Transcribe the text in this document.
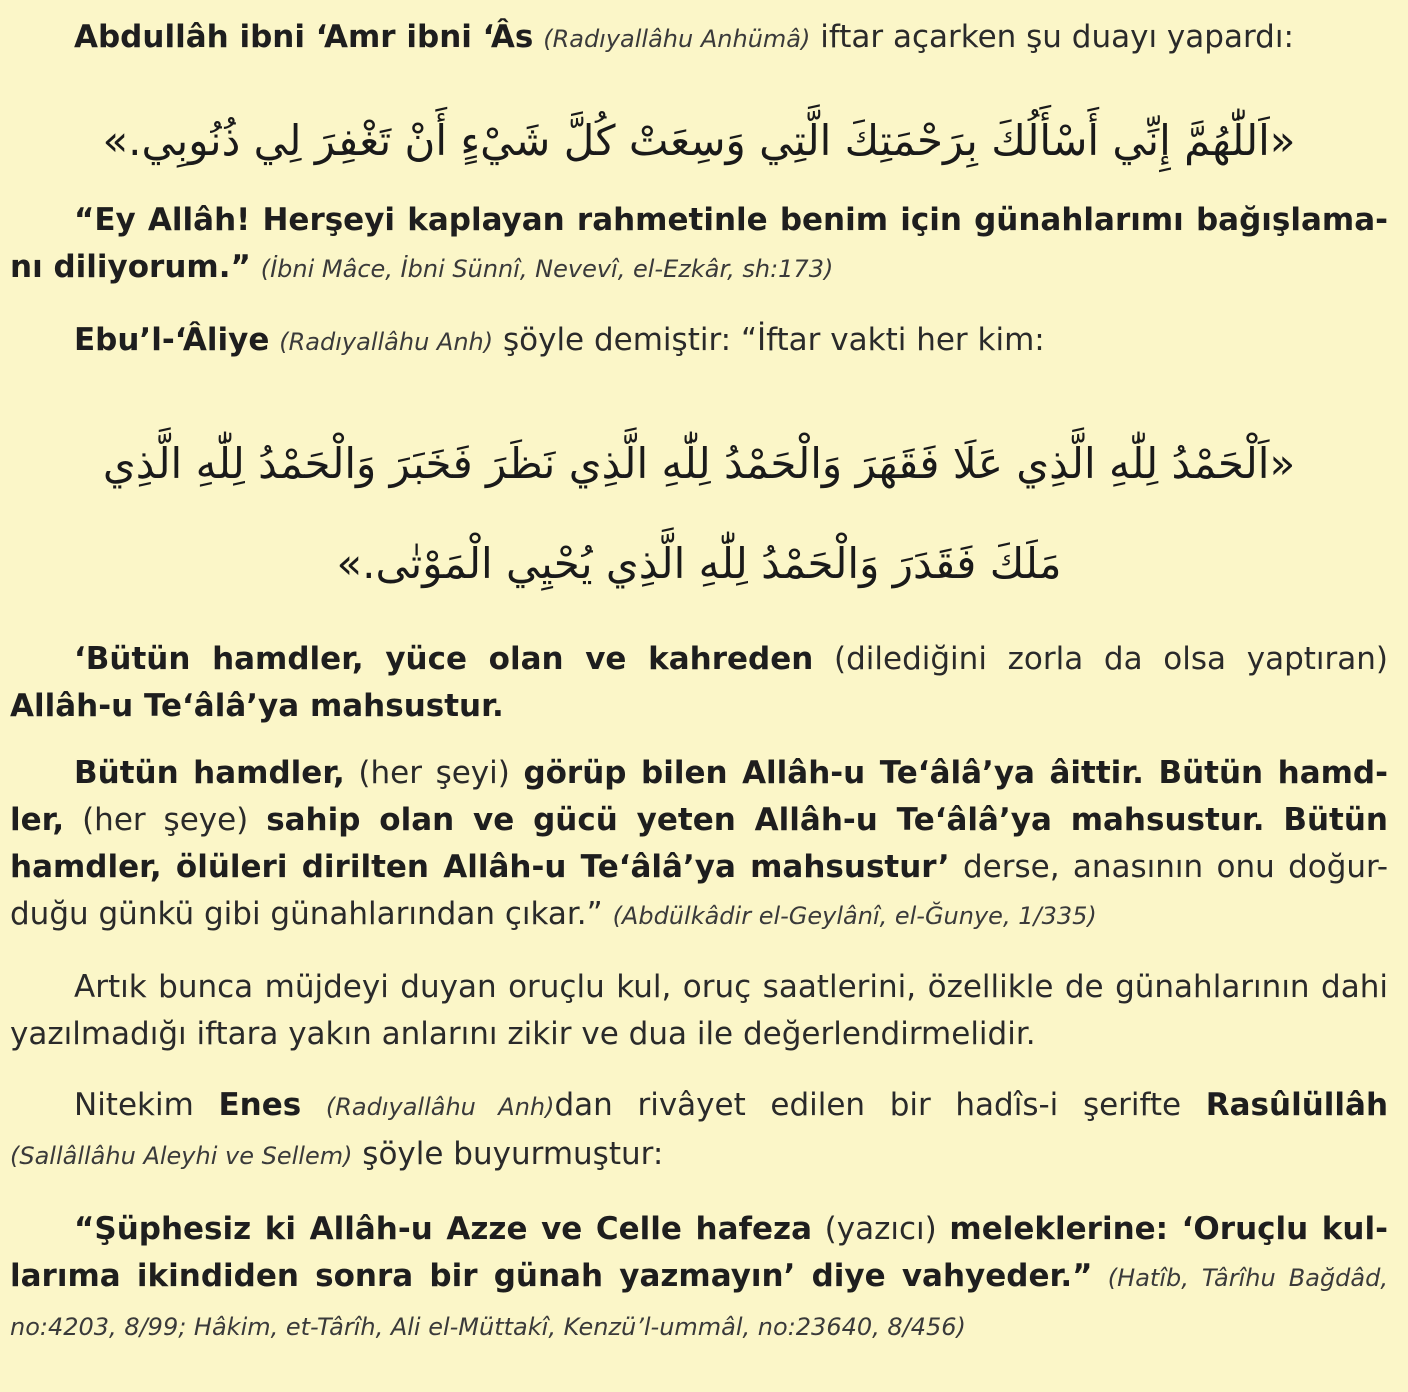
Abdullâh ibni ‘Amr ibni ‘Âs (Radıyallâhu Anhümâ) iftar açarken şu duayı yapardı:

«اَللّٰهُمَّ إِنِّي أَسْأَلُكَ بِرَحْمَتِكَ الَّتِي وَسِعَتْ كُلَّ شَيْءٍ أَنْ تَغْفِرَ لِي ذُنُوبِي.»

“Ey Allâh! Herşeyi kaplayan rahmetinle benim için günahlarımı bağışlama-nı diliyorum.” (İbni Mâce, İbni Sünnî, Nevevî, el-Ezkâr, sh:173)

Ebu’l-‘Âliye (Radıyallâhu Anh) şöyle demiştir: “İftar vakti her kim:

«اَلْحَمْدُ لِلّٰهِ الَّذِي عَلَا فَقَهَرَ وَالْحَمْدُ لِلّٰهِ الَّذِي نَظَرَ فَخَبَرَ وَالْحَمْدُ لِلّٰهِ الَّذِي

مَلَكَ فَقَدَرَ وَالْحَمْدُ لِلّٰهِ الَّذِي يُحْيِي الْمَوْتٰى.»

‘Bütün hamdler, yüce olan ve kahreden (dilediğini zorla da olsa yaptıran) Allâh-u Te‘âlâ’ya mahsustur.

Bütün hamdler, (her şeyi) görüp bilen Allâh-u Te‘âlâ’ya âittir. Bütün hamd-ler, (her şeye) sahip olan ve gücü yeten Allâh-u Te‘âlâ’ya mahsustur. Bütün hamdler, ölüleri dirilten Allâh-u Te‘âlâ’ya mahsustur’ derse, anasının onu doğur-duğu günkü gibi günahlarından çıkar.” (Abdülkâdir el-Geylânî, el-Ğunye, 1/335)

Artık bunca müjdeyi duyan oruçlu kul, oruç saatlerini, özellikle de günahlarının dahi yazılmadığı iftara yakın anlarını zikir ve dua ile değerlendirmelidir.

Nitekim Enes (Radıyallâhu Anh)dan rivâyet edilen bir hadîs-i şerifte Rasûlüllâh (Sallâllâhu Aleyhi ve Sellem) şöyle buyurmuştur:

“Şüphesiz ki Allâh-u Azze ve Celle hafeza (yazıcı) meleklerine: ‘Oruçlu kul-larıma ikindiden sonra bir günah yazmayın’ diye vahyeder.” (Hatîb, Târîhu Bağdâd, no:4203, 8/99; Hâkim, et-Târîh, Ali el-Müttakî, Kenzü’l-ummâl, no:23640, 8/456)
